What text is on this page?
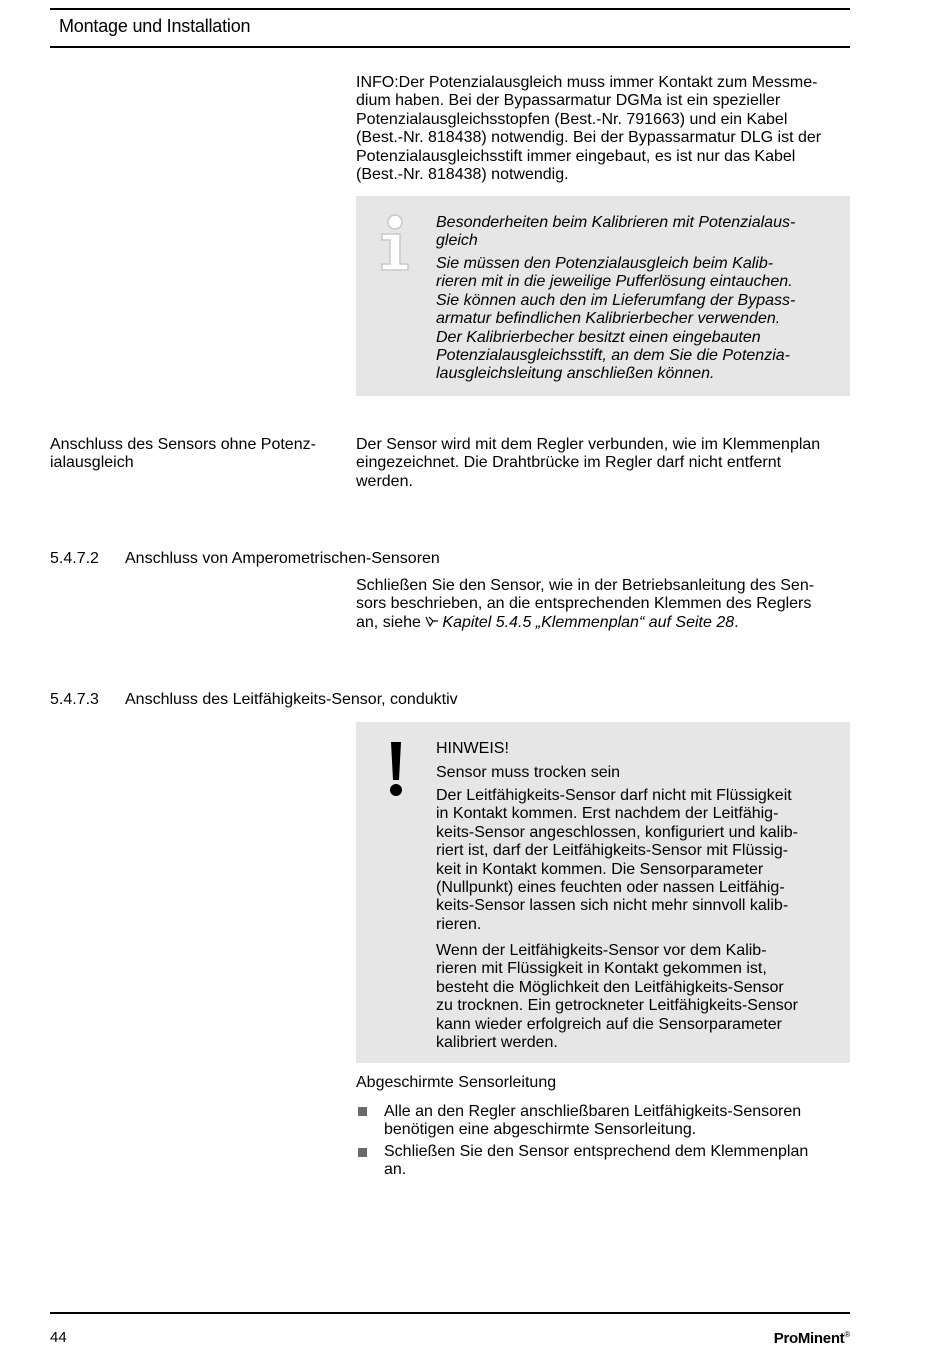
Montage und Installation
INFO:Der Potenzialausgleich muss immer Kontakt zum Messme-
dium haben. Bei der Bypassarmatur DGMa ist ein spezieller
Potenzialausgleichsstopfen (Best.-Nr. 791663) und ein Kabel
(Best.-Nr. 818438) notwendig. Bei der Bypassarmatur DLG ist der
Potenzialausgleichsstift immer eingebaut, es ist nur das Kabel
(Best.-Nr. 818438) notwendig.
Besonderheiten beim Kalibrieren mit Potenzialaus-
gleich
Sie müssen den Potenzialausgleich beim Kalib-
rieren mit in die jeweilige Pufferlösung eintauchen.
Sie können auch den im Lieferumfang der Bypass-
armatur befindlichen Kalibrierbecher verwenden.
Der Kalibrierbecher besitzt einen eingebauten
Potenzialausgleichsstift, an dem Sie die Potenzia-
lausgleichsleitung anschließen können.
Anschluss des Sensors ohne Potenz-
ialausgleich
Der Sensor wird mit dem Regler verbunden, wie im Klemmenplan
eingezeichnet. Die Drahtbrücke im Regler darf nicht entfernt
werden.
5.4.7.2 Anschluss von Amperometrischen-Sensoren
Schließen Sie den Sensor, wie in der Betriebsanleitung des Sen-
sors beschrieben, an die entsprechenden Klemmen des Reglers
an, siehe Kapitel 5.4.5 „Klemmenplan“ auf Seite 28.
5.4.7.3 Anschluss des Leitfähigkeits-Sensor, conduktiv
HINWEIS!
Sensor muss trocken sein
Der Leitfähigkeits-Sensor darf nicht mit Flüssigkeit
in Kontakt kommen. Erst nachdem der Leitfähig-
keits-Sensor angeschlossen, konfiguriert und kalib-
riert ist, darf der Leitfähigkeits-Sensor mit Flüssig-
keit in Kontakt kommen. Die Sensorparameter
(Nullpunkt) eines feuchten oder nassen Leitfähig-
keits-Sensor lassen sich nicht mehr sinnvoll kalib-
rieren.
Wenn der Leitfähigkeits-Sensor vor dem Kalib-
rieren mit Flüssigkeit in Kontakt gekommen ist,
besteht die Möglichkeit den Leitfähigkeits-Sensor
zu trocknen. Ein getrockneter Leitfähigkeits-Sensor
kann wieder erfolgreich auf die Sensorparameter
kalibriert werden.
Abgeschirmte Sensorleitung
Alle an den Regler anschließbaren Leitfähigkeits-Sensoren
benötigen eine abgeschirmte Sensorleitung.
Schließen Sie den Sensor entsprechend dem Klemmenplan
an.
44	ProMinent®
